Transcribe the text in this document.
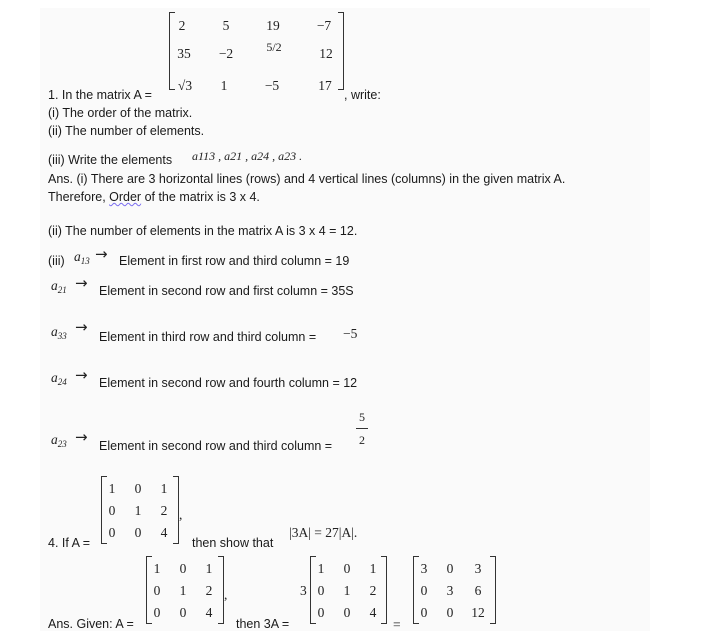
2	5	19	−7
35	−2	5/2	12
√3	1	−5	17
1. In the matrix A =	, write:
(i) The order of the matrix.
(ii) The number of elements.
(iii) Write the elements a113 , a21 , a24 , a23 .
Ans. (i) There are 3 horizontal lines (rows) and 4 vertical lines (columns) in the given matrix A.
Therefore, Order of the matrix is 3 x 4.
(ii) The number of elements in the matrix A is 3 x 4 = 12.
(iii) $a_{13}$ → Element in first row and third column = 19
$a_{21}$ → Element in second row and first column = 35S
$a_{33}$ →
Element in third row and third column = −5
$a_{24}$ → Element in second row and fourth column = 12
$a_{23}$ → Element in second row and third column =
5
2
1	0	1
0	1	2
0	0	4
,
4. If A =	then show that
|3A| = 27|A|.
1	0	1
0	1	2
0	0	4
,
Ans. Given: A =	then 3A =
3
1	0	1
0	1	2
0	0	4
=
3	0	3
0	3	6
0	0	12
